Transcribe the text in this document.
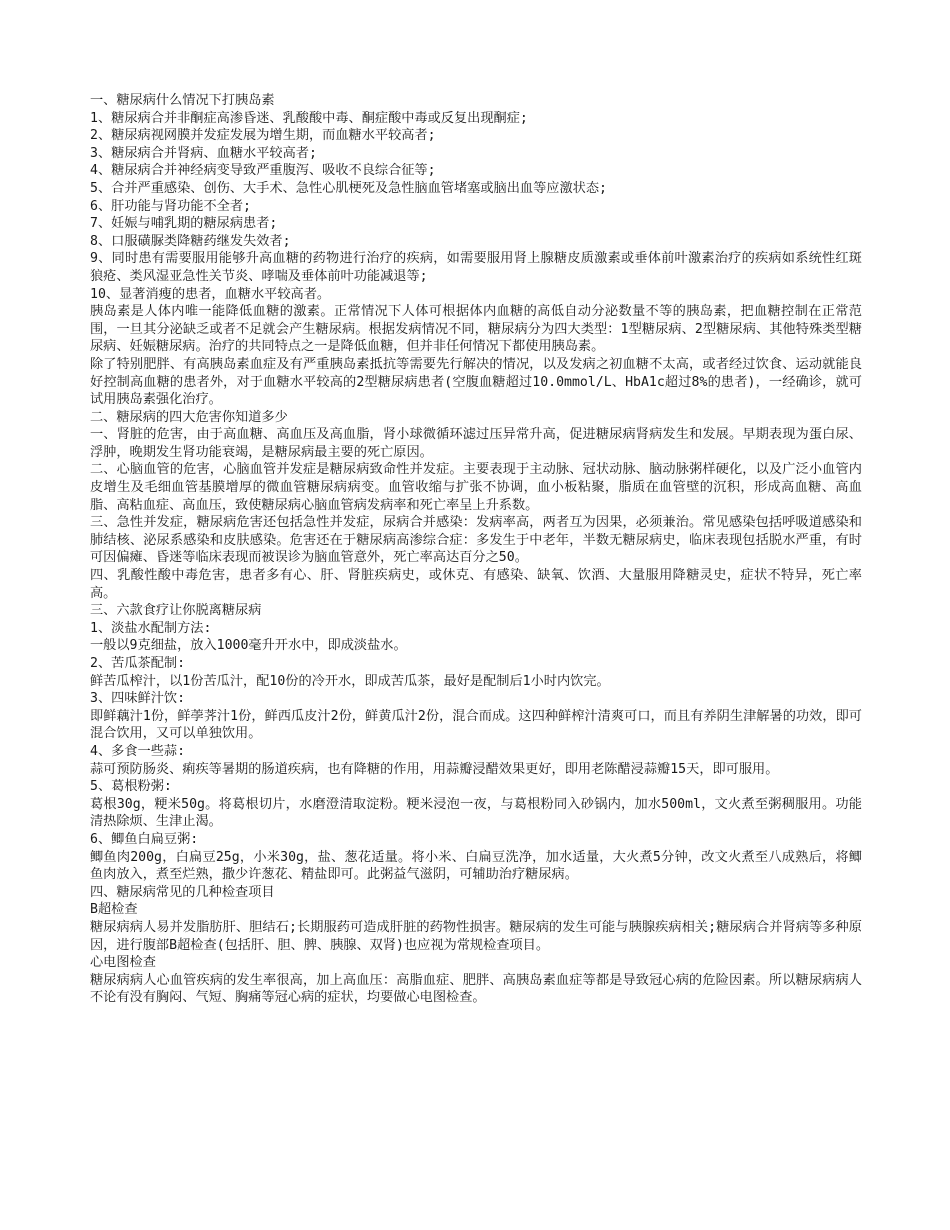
一、糖尿病什么情况下打胰岛素

1、糖尿病合并非酮症高渗昏迷、乳酸酸中毒、酮症酸中毒或反复出现酮症;

2、糖尿病视网膜并发症发展为增生期，而血糖水平较高者;

3、糖尿病合并肾病、血糖水平较高者;

4、糖尿病合并神经病变导致严重腹泻、吸收不良综合征等;

5、合并严重感染、创伤、大手术、急性心肌梗死及急性脑血管堵塞或脑出血等应激状态;

6、肝功能与肾功能不全者;

7、妊娠与哺乳期的糖尿病患者;

8、口服磺脲类降糖药继发失效者;

9、同时患有需要服用能够升高血糖的药物进行治疗的疾病，如需要服用肾上腺糖皮质激素或垂体前叶激素治疗的疾病如系统性红斑狼疮、类风湿亚急性关节炎、哮喘及垂体前叶功能减退等;

10、显著消瘦的患者，血糖水平较高者。

胰岛素是人体内唯一能降低血糖的激素。正常情况下人体可根据体内血糖的高低自动分泌数量不等的胰岛素，把血糖控制在正常范围，一旦其分泌缺乏或者不足就会产生糖尿病。根据发病情况不同，糖尿病分为四大类型：1型糖尿病、2型糖尿病、其他特殊类型糖尿病、妊娠糖尿病。治疗的共同特点之一是降低血糖，但并非任何情况下都使用胰岛素。

除了特别肥胖、有高胰岛素血症及有严重胰岛素抵抗等需要先行解决的情况，以及发病之初血糖不太高，或者经过饮食、运动就能良好控制高血糖的患者外，对于血糖水平较高的2型糖尿病患者(空腹血糖超过10.0mmol/L、HbA1c超过8%的患者)，一经确诊，就可试用胰岛素强化治疗。

二、糖尿病的四大危害你知道多少

一、肾脏的危害，由于高血糖、高血压及高血脂，肾小球微循环滤过压异常升高，促进糖尿病肾病发生和发展。早期表现为蛋白尿、浮肿，晚期发生肾功能衰竭，是糖尿病最主要的死亡原因。

二、心脑血管的危害，心脑血管并发症是糖尿病致命性并发症。主要表现于主动脉、冠状动脉、脑动脉粥样硬化，以及广泛小血管内皮增生及毛细血管基膜增厚的微血管糖尿病病变。血管收缩与扩张不协调，血小板粘聚，脂质在血管壁的沉积，形成高血糖、高血脂、高粘血症、高血压，致使糖尿病心脑血管病发病率和死亡率呈上升系数。

三、急性并发症，糖尿病危害还包括急性并发症，尿病合并感染：发病率高，两者互为因果，必须兼治。常见感染包括呼吸道感染和肺结核、泌尿系感染和皮肤感染。危害还在于糖尿病高渗综合症：多发生于中老年，半数无糖尿病史，临床表现包括脱水严重，有时可因偏瘫、昏迷等临床表现而被误诊为脑血管意外，死亡率高达百分之50。

四、乳酸性酸中毒危害，患者多有心、肝、肾脏疾病史，或休克、有感染、缺氧、饮酒、大量服用降糖灵史，症状不特异，死亡率高。

三、六款食疗让你脱离糖尿病

1、淡盐水配制方法:

一般以9克细盐，放入1000毫升开水中，即成淡盐水。

2、苦瓜茶配制:

鲜苦瓜榨汁，以1份苦瓜汁，配10份的冷开水，即成苦瓜茶，最好是配制后1小时内饮完。

3、四味鲜汁饮:

即鲜藕汁1份，鲜荸荠汁1份，鲜西瓜皮汁2份，鲜黄瓜汁2份，混合而成。这四种鲜榨汁清爽可口，而且有养阴生津解暑的功效，即可混合饮用，又可以单独饮用。

4、多食一些蒜:

蒜可预防肠炎、痢疾等暑期的肠道疾病，也有降糖的作用，用蒜瓣浸醋效果更好，即用老陈醋浸蒜瓣15天，即可服用。

5、葛根粉粥:

葛根30g，粳米50g。将葛根切片，水磨澄清取淀粉。粳米浸泡一夜，与葛根粉同入砂锅内，加水500ml，文火煮至粥稠服用。功能清热除烦、生津止渴。

6、鲫鱼白扁豆粥:

鲫鱼肉200g，白扁豆25g，小米30g，盐、葱花适量。将小米、白扁豆洗净，加水适量，大火煮5分钟，改文火煮至八成熟后，将鲫鱼肉放入，煮至烂熟，撒少许葱花、精盐即可。此粥益气滋阴，可辅助治疗糖尿病。

四、糖尿病常见的几种检查项目

B超检查

糖尿病病人易并发脂肪肝、胆结石;长期服药可造成肝脏的药物性损害。糖尿病的发生可能与胰腺疾病相关;糖尿病合并肾病等多种原因，进行腹部B超检查(包括肝、胆、脾、胰腺、双肾)也应视为常规检查项目。

心电图检查

糖尿病病人心血管疾病的发生率很高，加上高血压：高脂血症、肥胖、高胰岛素血症等都是导致冠心病的危险因素。所以糖尿病病人不论有没有胸闷、气短、胸痛等冠心病的症状，均要做心电图检查。
